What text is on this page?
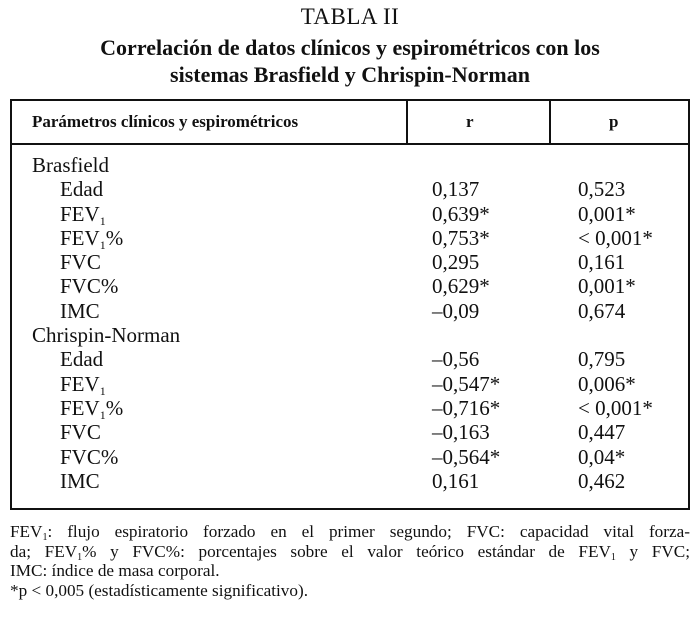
TABLA II
Correlación de datos clínicos y espirométricos con los
sistemas Brasfield y Chrispin-Norman
Parámetros clínicos y espirométricos	r	p
Brasfield
Edad	0,137	0,523
$FEV_1$	0,639*	0,001*
$FEV_1\%$	0,753*	< 0,001*
FVC	0,295	0,161
FVC%	0,629*	0,001*
IMC	–0,09	0,674
Chrispin-Norman
Edad	–0,56	0,795
$FEV_1$	–0,547*	0,006*
$FEV_1\%$	–0,716*	< 0,001*
FVC	–0,163	0,447
FVC%	–0,564*	0,04*
IMC	0,161	0,462
$FEV_1$: flujo espiratorio forzado en el primer segundo; FVC: capacidad vital forza-
da; $FEV_1\%$ y FVC%: porcentajes sobre el valor teórico estándar de $FEV_1$ y FVC;
IMC: índice de masa corporal.
*p < 0,005 (estadísticamente significativo).
